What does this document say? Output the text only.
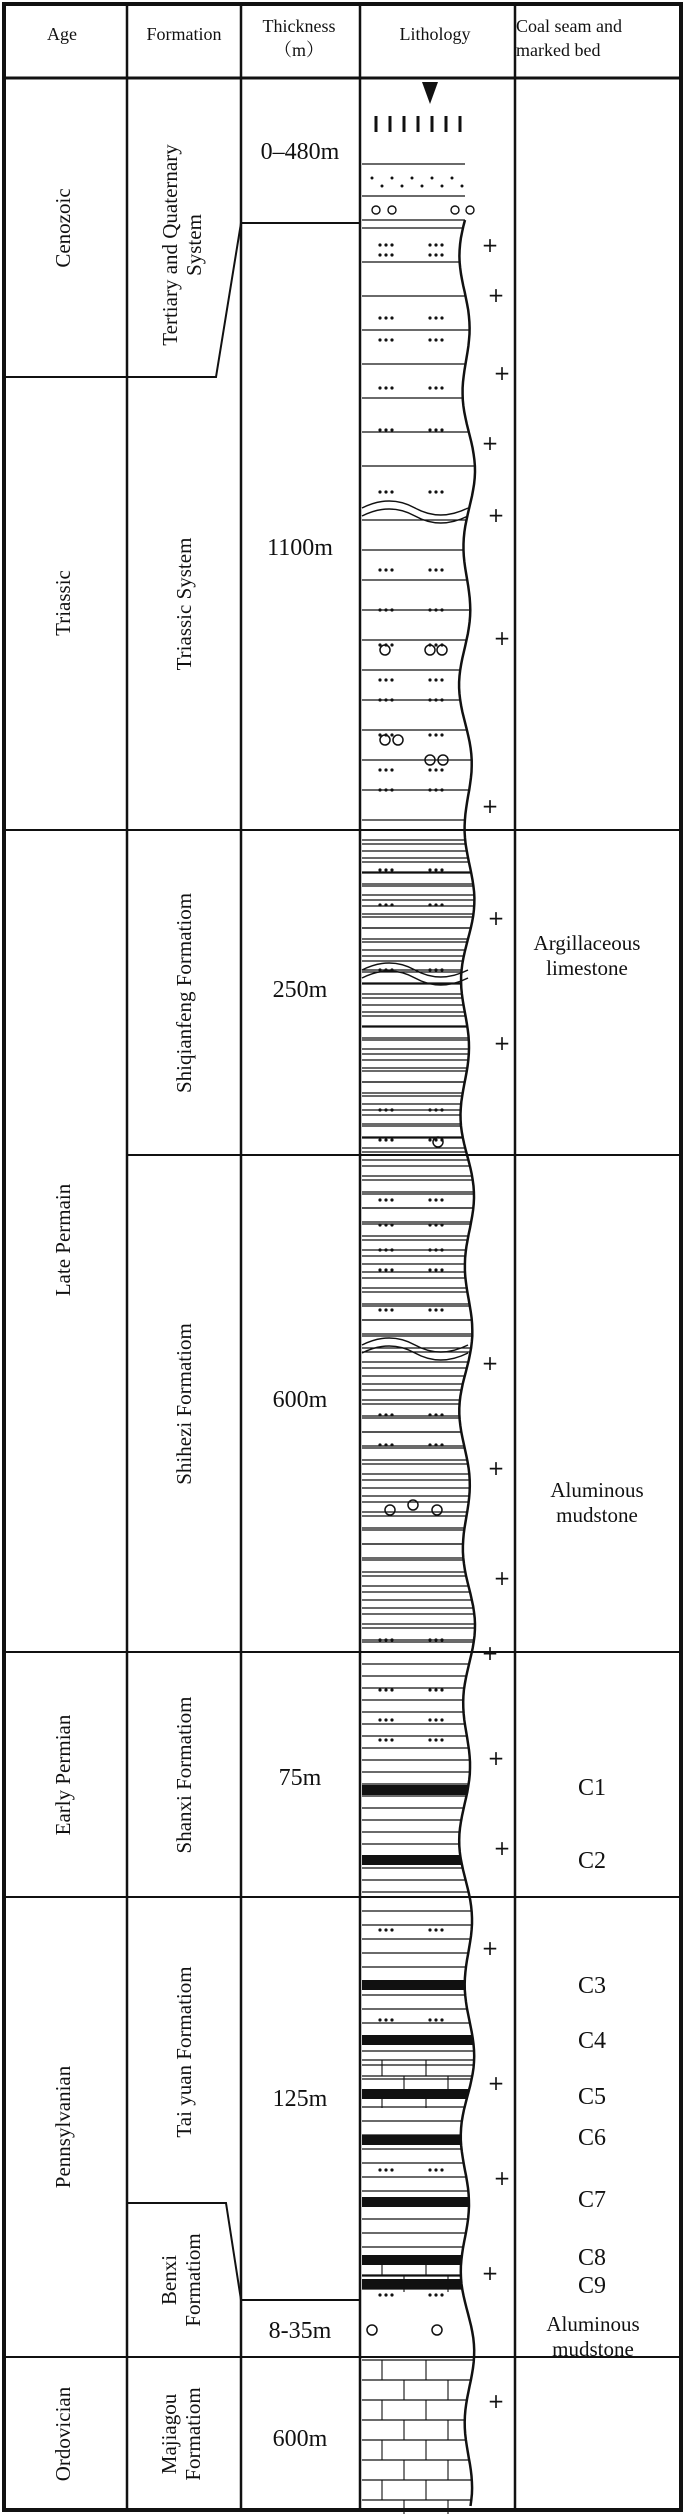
Age	Formation Thickness
（m）
Lithology	Coal seam and
marked bed
+
+
+
+
+
+
+
+
+
+
+
+
+
+
+
+
+
+
+
+
Cenozoic
Triassic
Late Permain
Early Permian
Pennsylvanian
Ordovician
Tertiary and Quaternary System
Triassic System
Shiqianfeng Formatiom
Shihezi Formatiom
Shanxi Formatiom
Tai yuan Formatiom
Benxi Formatiom
Majiagou Formatiom
0–480m
1100m
250m
600m
75m
125m
8-35m
600m
Argillaceous
limestone
Aluminous
mudstone
Aluminous
mudstone
C1
C2
C3
C4
C5
C6
C7
C8
C9
